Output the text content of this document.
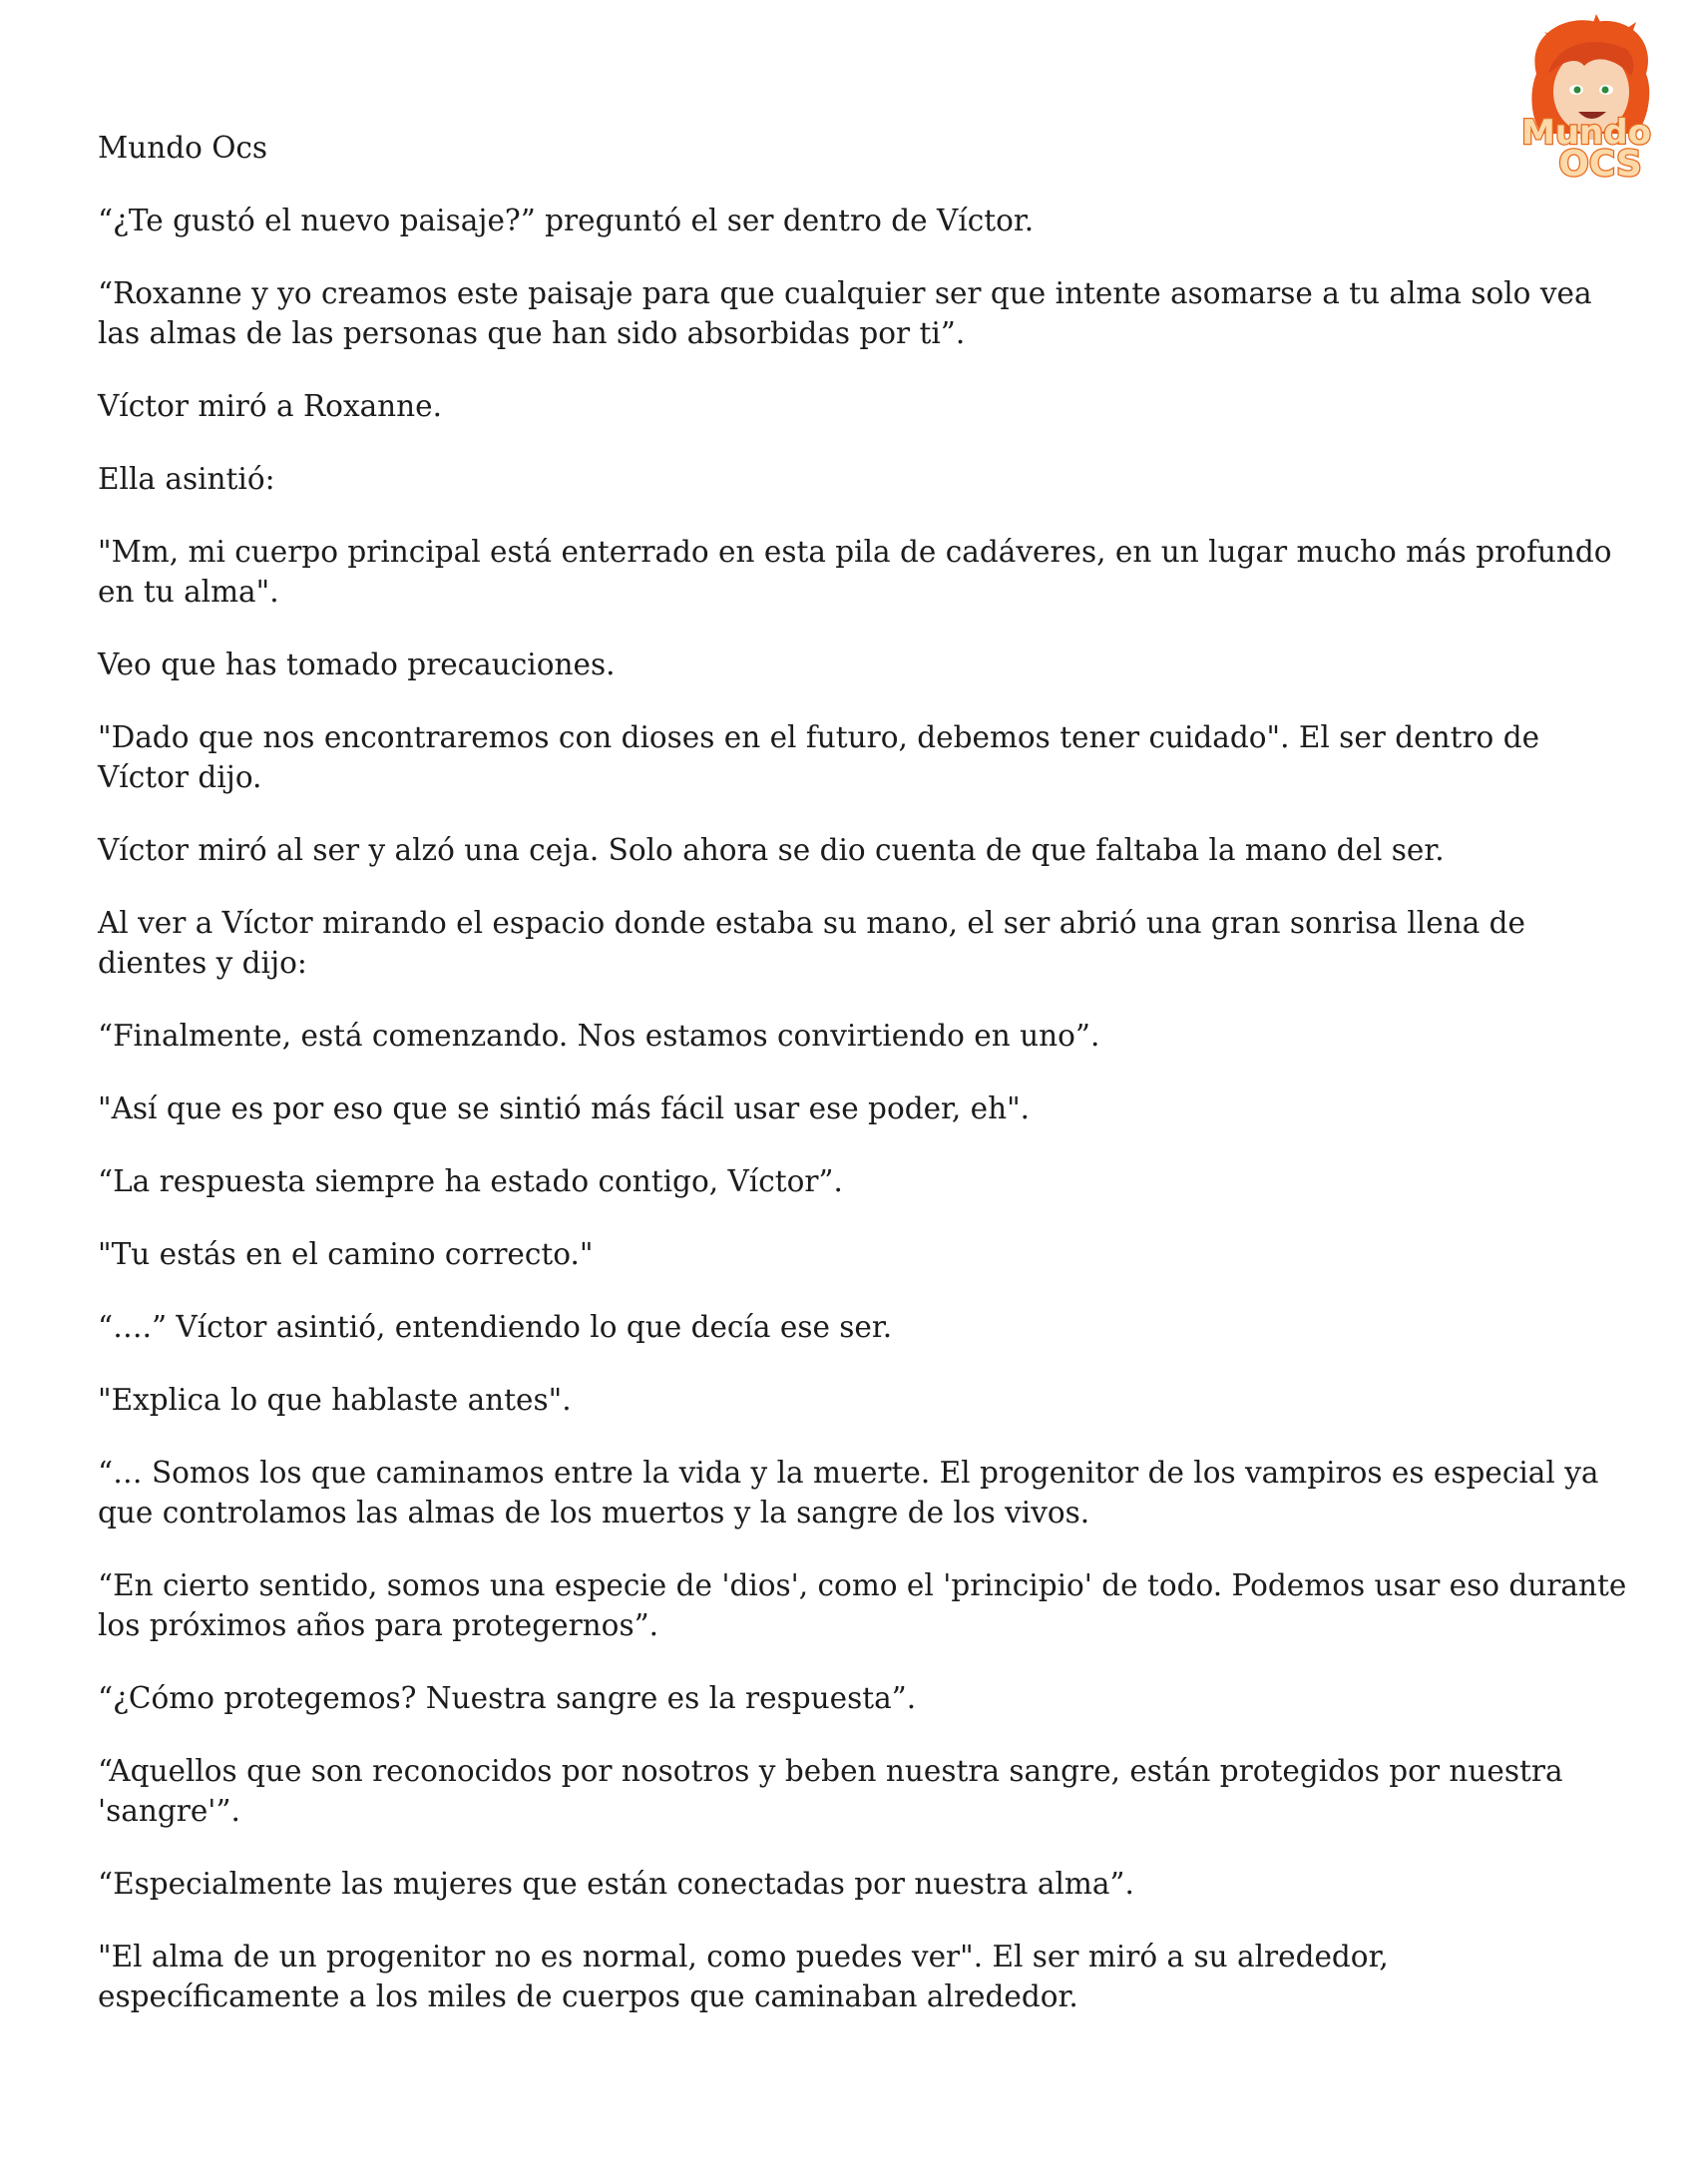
Mundo
OCS

Mundo Ocs

“¿Te gustó el nuevo paisaje?” preguntó el ser dentro de Víctor.

“Roxanne y yo creamos este paisaje para que cualquier ser que intente asomarse a tu alma solo vea las almas de las personas que han sido absorbidas por ti”.

Víctor miró a Roxanne.

Ella asintió:

"Mm, mi cuerpo principal está enterrado en esta pila de cadáveres, en un lugar mucho más profundo en tu alma".

Veo que has tomado precauciones.

"Dado que nos encontraremos con dioses en el futuro, debemos tener cuidado". El ser dentro de Víctor dijo.

Víctor miró al ser y alzó una ceja. Solo ahora se dio cuenta de que faltaba la mano del ser.

Al ver a Víctor mirando el espacio donde estaba su mano, el ser abrió una gran sonrisa llena de dientes y dijo:

“Finalmente, está comenzando. Nos estamos convirtiendo en uno”.

"Así que es por eso que se sintió más fácil usar ese poder, eh".

“La respuesta siempre ha estado contigo, Víctor”.

"Tu estás en el camino correcto."

“….” Víctor asintió, entendiendo lo que decía ese ser.

"Explica lo que hablaste antes".

“… Somos los que caminamos entre la vida y la muerte. El progenitor de los vampiros es especial ya que controlamos las almas de los muertos y la sangre de los vivos.

“En cierto sentido, somos una especie de 'dios', como el 'principio' de todo. Podemos usar eso durante los próximos años para protegernos”.

“¿Cómo protegemos? Nuestra sangre es la respuesta”.

“Aquellos que son reconocidos por nosotros y beben nuestra sangre, están protegidos por nuestra 'sangre'”.

“Especialmente las mujeres que están conectadas por nuestra alma”.

"El alma de un progenitor no es normal, como puedes ver". El ser miró a su alrededor, específicamente a los miles de cuerpos que caminaban alrededor.
